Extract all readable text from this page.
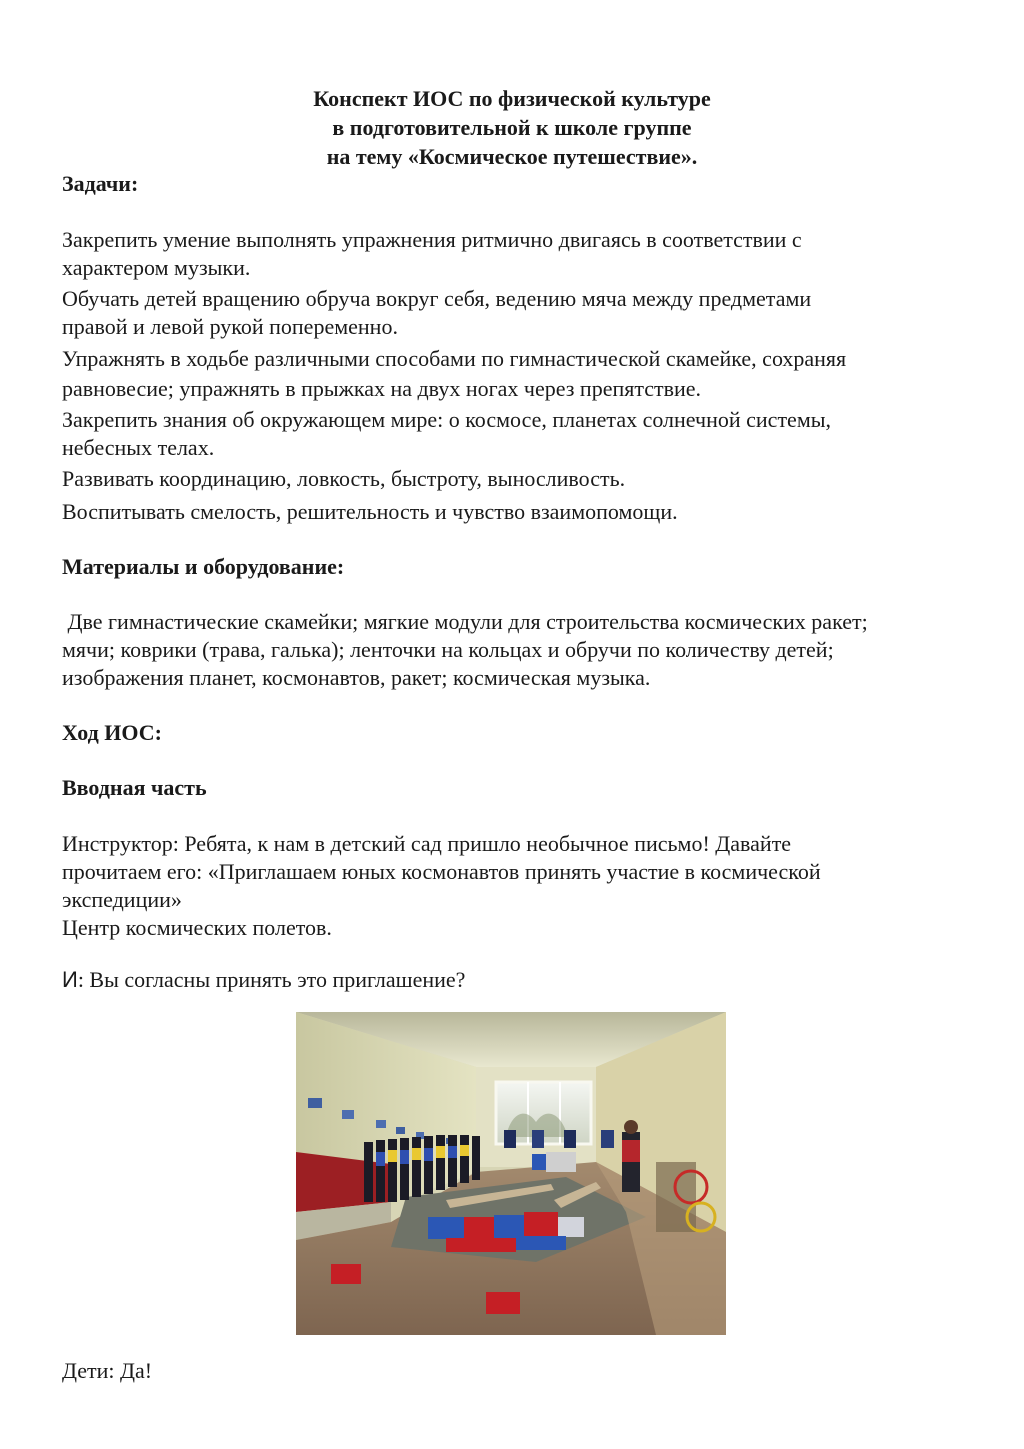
Конспект ИОС по физической культуре
в подготовительной к школе группе
на тему «Космическое путешествие».
Задачи:
Закрепить умение выполнять упражнения ритмично двигаясь в соответствии с
характером музыки.
Обучать детей вращению обруча вокруг себя, ведению мяча между предметами
правой и левой рукой попеременно.
Упражнять в ходьбе различными способами по гимнастической скамейке, сохраняя
равновесие; упражнять в прыжках на двух ногах через препятствие.
Закрепить знания об окружающем мире: о космосе, планетах солнечной системы,
небесных телах.
Развивать координацию, ловкость, быстроту, выносливость.
Воспитывать смелость, решительность и чувство взаимопомощи.
Материалы и оборудование:
Две гимнастические скамейки; мягкие модули для строительства космических ракет;
мячи; коврики (трава, галька); ленточки на кольцах и обручи по количеству детей;
изображения планет, космонавтов, ракет; космическая музыка.
Ход ИОС:
Вводная часть
Инструктор: Ребята, к нам в детский сад пришло необычное письмо! Давайте
прочитаем его: «Приглашаем юных космонавтов принять участие в космической
экспедиции»
Центр космических полетов.
И: Вы согласны принять это приглашение?
Дети: Да!
